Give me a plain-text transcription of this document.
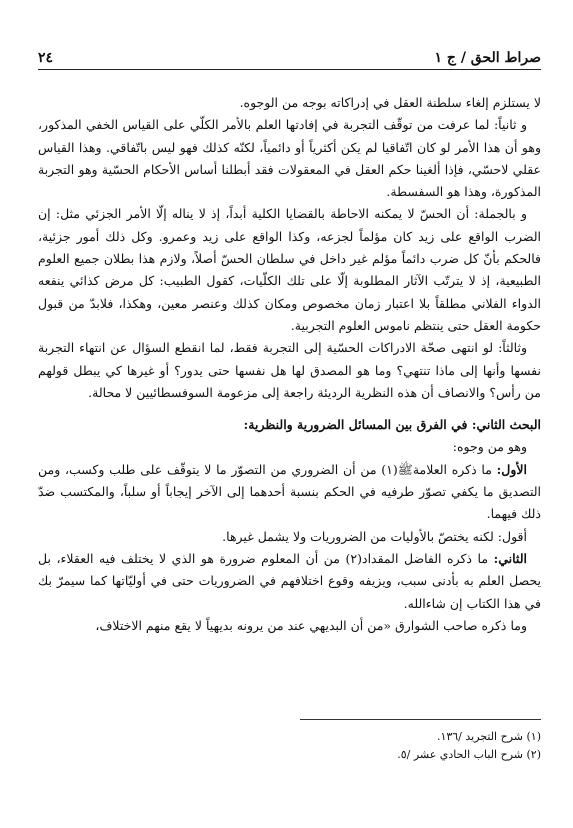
صراط الحق / ج ١
٢٤

لا يستلزم إلغاء سلطنة العقل في إدراكاته بوجه من الوجوه.

و ثانياً: لما عرفت من توقّف التجربة في إفادتها العلم بالأمر الكلّي على القياس الخفي المذكور، وهو أن هذا الأمر لو كان اتّفاقيا لم يكن أكثرياً أو دائمياً، لكنّه كذلك فهو ليس باتّفاقي. وهذا القياس عقلي لاحسّي، فإذا ألغينا حكم العقل في المعقولات فقد أبطلنا أساس الأحكام الحسّية وهو التجربة المذكورة، وهذا هو السفسطة.

و بالجملة: أن الحسّ لا يمكنه الاحاطة بالقضايا الكلية أبداً، إذ لا يناله إلّا الأمر الجزئي مثل: إن الضرب الواقع على زيد كان مؤلماً لجزعه، وكذا الواقع على زيد وعمرو. وكل ذلك أمور جزئية، فالحكم بأنّ كل ضرب دائماً مؤلم غير داخل في سلطان الحسّ أصلاً، ولازم هذا بطلان جميع العلوم الطبيعية، إذ لا يترتّب الآثار المطلوبة إلّا على تلك الكلّيات، كقول الطبيب: كل مرض كذائي ينفعه الدواء الفلاني مطلقاً بلا اعتبار زمان مخصوص ومكان كذلك وعنصر معين، وهكذا، فلابدّ من قبول حكومة العقل حتى ينتظم ناموس العلوم التجربية.

وثالثاً: لو انتهى صحّة الادراكات الحسّية إلى التجربة فقط، لما انقطع السؤال عن انتهاء التجربة نفسها وأنها إلى ماذا تنتهي؟ وما هو المصدق لها هل نفسها حتى يدور؟ أو غيرها كي يبطل قولهم من رأس؟ والانصاف أن هذه النظرية الرديئة راجعة إلى مزعومة السوفسطائيين لا محالة.

البحث الثاني: في الفرق بين المسائل الضرورية والنظرية:

وهو من وجوه:

الأول: ما ذكره العلامةﷺ(١) من أن الضروري من التصوّر ما لا يتوقّف على طلب وكسب، ومن التصديق ما يكفي تصوّر طرفيه في الحكم بنسبة أحدهما إلى الآخر إيجاباً أو سلباً، والمكتسب ضدّ ذلك فيهما.

أقول: لكنه يختصّ بالأوليات من الضروريات ولا يشمل غيرها.

الثاني: ما ذكره الفاضل المقداد(٢) من أن المعلوم ضرورة هو الذي لا يختلف فيه العقلاء، بل يحصل العلم به بأدنى سبب، ويزيفه وقوع اختلافهم في الضروريات حتى في أوليّاتها كما سيمرّ بك في هذا الكتاب إن شاءالله.

وما ذكره صاحب الشوارق «من أن البديهي عند من يرونه بديهياً لا يقع منهم الاختلاف،

(١) شرح التجريد /١٣٦.
(٢) شرح الباب الحادي عشر /٥.
